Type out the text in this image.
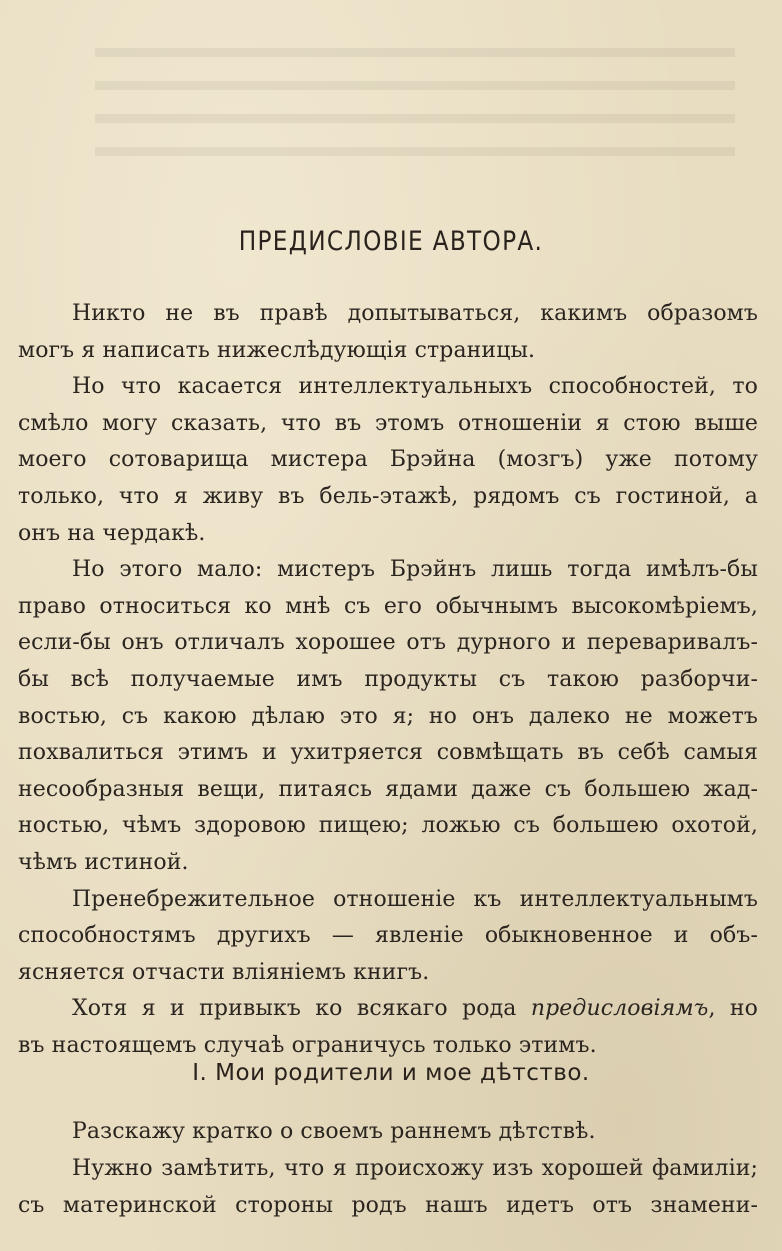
ПРЕДИСЛОВІЕ АВТОРА.
Никто не въ правѣ допытываться, какимъ образомъ
могъ я написать нижеслѣдующія страницы.
Но что касается интеллектуальныхъ способностей, то
смѣло могу сказать, что въ этомъ отношеніи я стою выше
моего сотоварища мистера Брэйна (мозгъ) уже потому
только, что я живу въ бель-этажѣ, рядомъ съ гостиной, а
онъ на чердакѣ.
Но этого мало: мистеръ Брэйнъ лишь тогда имѣлъ-бы
право относиться ко мнѣ съ его обычнымъ высокомѣріемъ,
если-бы онъ отличалъ хорошее отъ дурного и переваривалъ-
бы всѣ получаемые имъ продукты съ такою разборчи-
востью, съ какою дѣлаю это я; но онъ далеко не можетъ
похвалиться этимъ и ухитряется совмѣщать въ себѣ самыя
несообразныя вещи, питаясь ядами даже съ большею жад-
ностью, чѣмъ здоровою пищею; ложью съ большею охотой,
чѣмъ истиной.
Пренебрежительное отношеніе къ интеллектуальнымъ
способностямъ другихъ — явленіе обыкновенное и объ-
ясняется отчасти вліяніемъ книгъ.
Хотя я и привыкъ ко всякаго рода предисловіямъ, но
въ настоящемъ случаѣ ограничусь только этимъ.
I. Мои родители и мое дѣтство.
Разскажу кратко о своемъ раннемъ дѣтствѣ.
Нужно замѣтить, что я происхожу изъ хорошей фамиліи;
съ материнской стороны родъ нашъ идетъ отъ знамени-
